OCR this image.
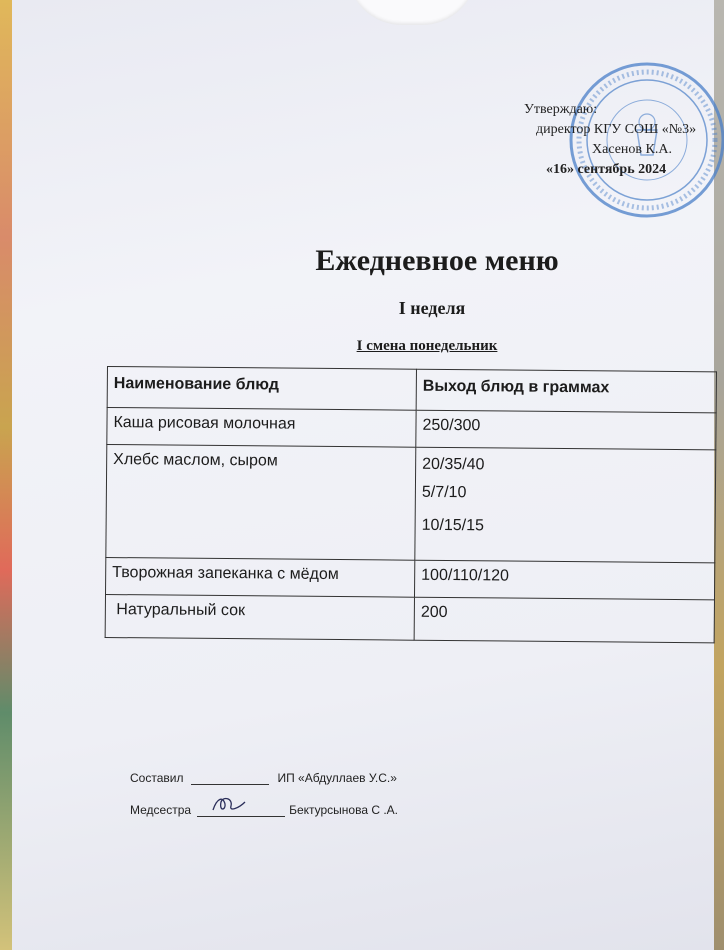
Утверждаю:
директор КГУ СОШ «№3»
Хасенов К.А.
«16» сентябрь 2024
Ежедневное меню
I неделя
I смена понедельник
Наименование блюд	Выход блюд в граммах
Каша рисовая молочная	250/300
Хлебс маслом, сыром	20/35/40
5/7/10
10/15/15

Творожная запеканка с мёдом	100/110/120
Натуральный сок	200
Составил	ИП «Абдуллаев У.С.»
Медсестра	Бектурсынова С .А.
